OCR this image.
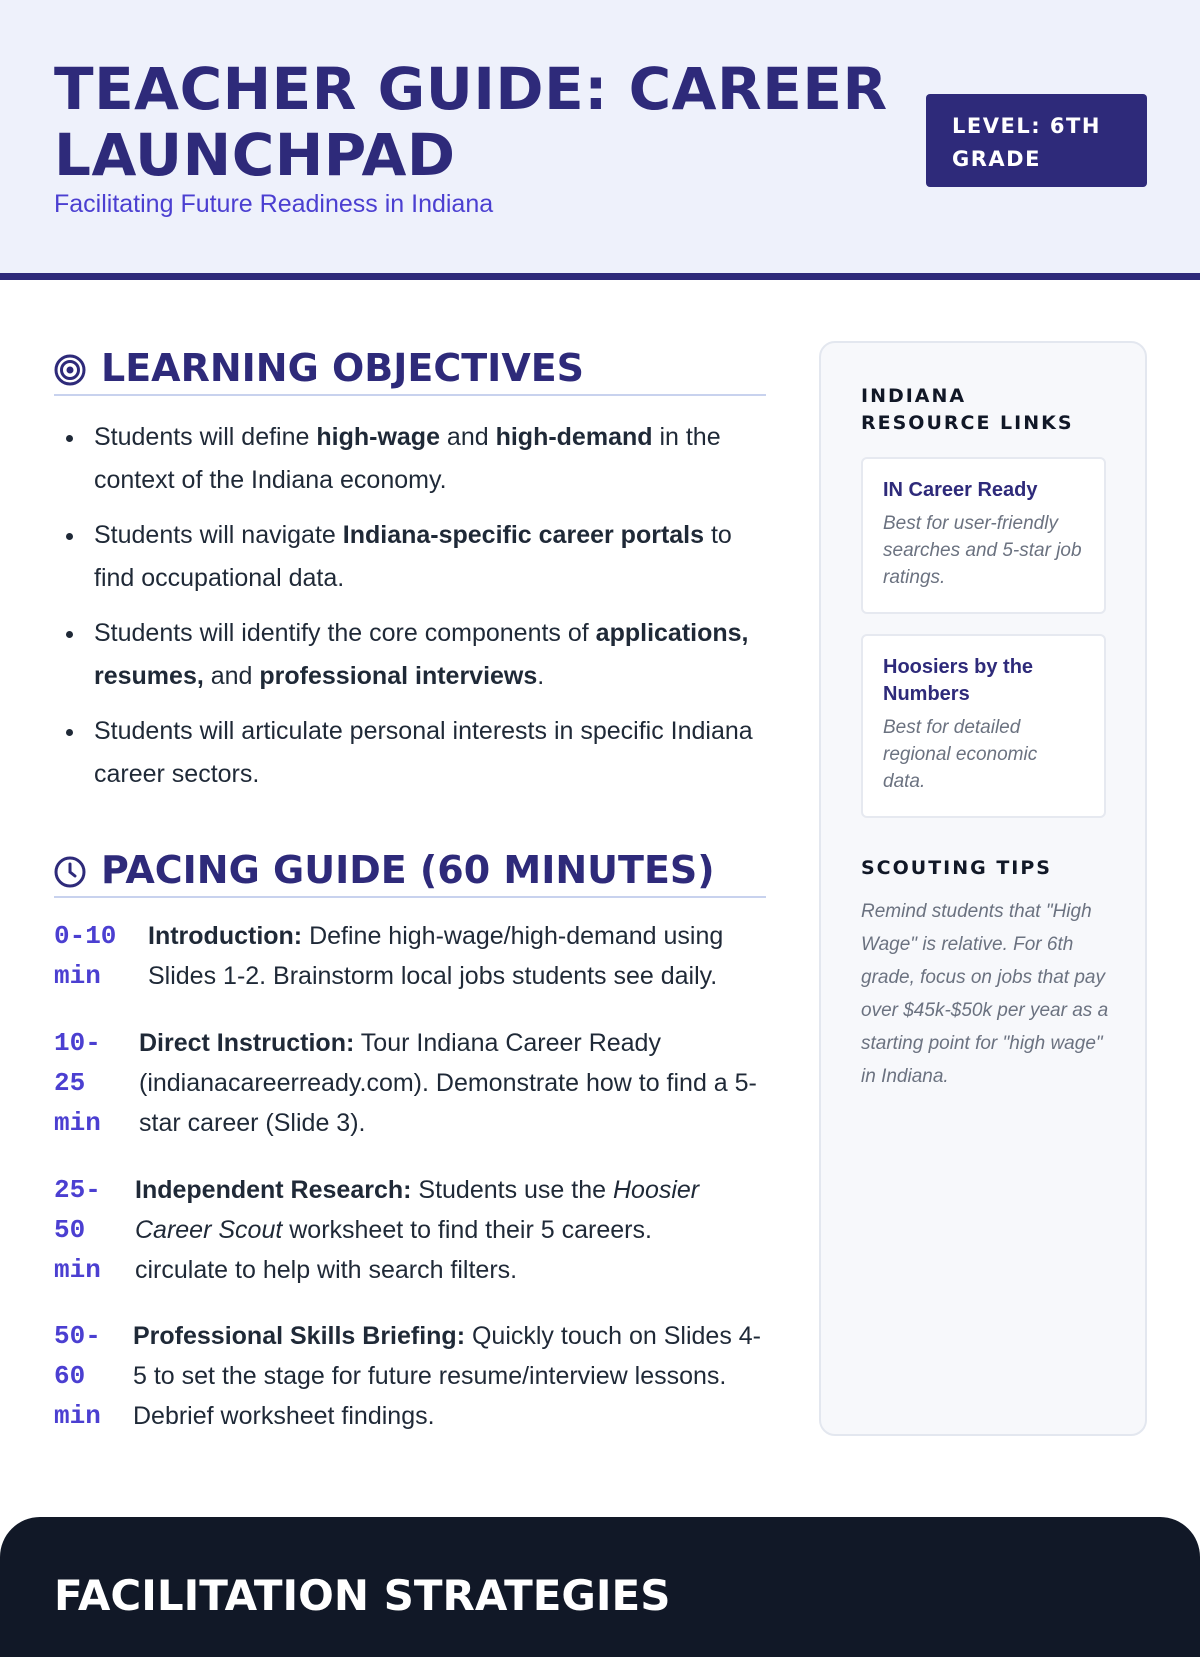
TEACHER GUIDE: CAREER LAUNCHPAD
Facilitating Future Readiness in Indiana
LEVEL: 6TH GRADE
LEARNING OBJECTIVES
Students will define high-wage and high-demand in the context of the Indiana economy.
Students will navigate Indiana-specific career portals to find occupational data.
Students will identify the core components of applications, resumes, and professional interviews.
Students will articulate personal interests in specific Indiana career sectors.
PACING GUIDE (60 MINUTES)
0-10
min
Introduction: Define high-wage/high-demand using Slides 1-2. Brainstorm local jobs students see daily.
10-
25
min
Direct Instruction: Tour Indiana Career Ready (indianacareerready.com). Demonstrate how to find a 5-star career (Slide 3).
25-
50
min
Independent Research: Students use the Hoosier Career Scout worksheet to find their 5 careers. circulate to help with search filters.
50-
60
min
Professional Skills Briefing: Quickly touch on Slides 4-5 to set the stage for future resume/interview lessons. Debrief worksheet findings.
INDIANA RESOURCE LINKS
IN Career Ready
Best for user-friendly searches and 5-star job ratings.
Hoosiers by the Numbers
Best for detailed regional economic data.
SCOUTING TIPS

Remind students that "High Wage" is relative. For 6th grade, focus on jobs that pay over $45k-$50k per year as a starting point for "high wage" in Indiana.

FACILITATION STRATEGIES
